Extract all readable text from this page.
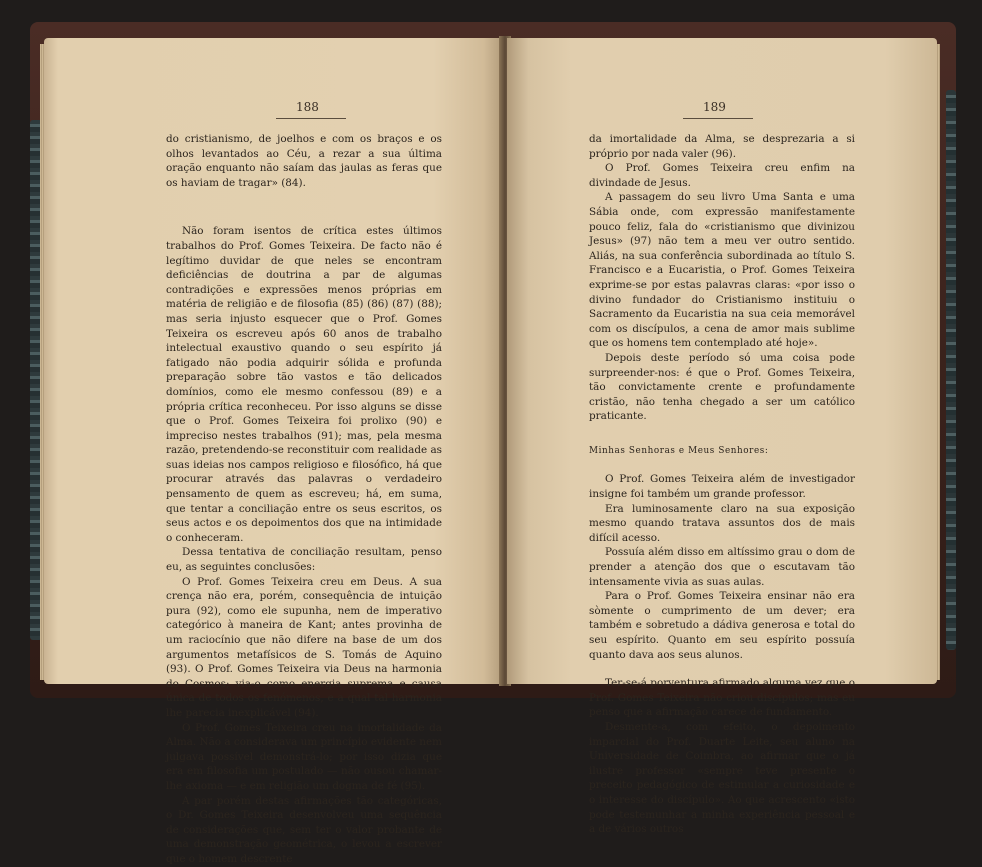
188

do cristianismo, de joelhos e com os braços e os olhos levantados ao Céu, a rezar a sua última oração enquanto não saíam das jaulas as feras que os haviam de tragar» (84).

Não foram isentos de crítica estes últimos trabalhos do Prof. Gomes Teixeira. De facto não é legítimo duvidar de que neles se encontram deficiências de doutrina a par de algumas contradições e expressões menos próprias em matéria de religião e de filosofia (85) (86) (87) (88); mas seria injusto esquecer que o Prof. Gomes Teixeira os escreveu após 60 anos de trabalho intelectual exaustivo quando o seu espírito já fatigado não podia adquirir sólida e profunda preparação sobre tão vastos e tão delicados domínios, como ele mesmo confessou (89) e a própria crítica reconheceu. Por isso alguns se disse que o Prof. Gomes Teixeira foi prolixo (90) e impreciso nestes trabalhos (91); mas, pela mesma razão, pretendendo-se reconstituir com realidade as suas ideias nos campos religioso e filosófico, há que procurar através das palavras o verdadeiro pensamento de quem as escreveu; há, em suma, que tentar a conciliação entre os seus escritos, os seus actos e os depoimentos dos que na intimidade o conheceram.

Dessa tentativa de conciliação resultam, penso eu, as seguintes conclusões:

O Prof. Gomes Teixeira creu em Deus. A sua crença não era, porém, consequência de intuição pura (92), como ele supunha, nem de imperativo categórico à maneira de Kant; antes provinha de um raciocínio que não difere na base de um dos argumentos metafísicos de S. Tomás de Aquino (93). O Prof. Gomes Teixeira via Deus na harmonia do Cosmos; via-o como energia suprema e causa única de todos os fenómenos, e a qual tal harmonia lhe parecia inexplicável (94).

O Prof. Gomes Teixeira creu na imortalidade da Alma. Não a considerava um princípio evidente nem julgava possível demonstrá-lo; por isso dizia que era em filosofia um postulado — não ousou chamar-lhe axioma — e em religião um dogma de fé (95).

A par porém destas afirmações tão categóricas, o Dr. Gomes Teixeira desenvolveu uma sequência de considerações que, sem ter o valor probante de uma demonstração geométrica, o levou a escrever que o homem descrente

189

da imortalidade da Alma, se desprezaria a si próprio por nada valer (96).

O Prof. Gomes Teixeira creu enfim na divindade de Jesus.

A passagem do seu livro Uma Santa e uma Sábia onde, com expressão manifestamente pouco feliz, fala do «cristianismo que divinizou Jesus» (97) não tem a meu ver outro sentido. Aliás, na sua conferência subordinada ao título S. Francisco e a Eucaristia, o Prof. Gomes Teixeira exprime-se por estas palavras claras: «por isso o divino fundador do Cristianismo instituiu o Sacramento da Eucaristia na sua ceia memorável com os discípulos, a cena de amor mais sublime que os homens tem contemplado até hoje».

Depois deste período só uma coisa pode surpreender-nos: é que o Prof. Gomes Teixeira, tão convictamente crente e profundamente cristão, não tenha chegado a ser um católico praticante.

Minhas Senhoras e Meus Senhores:

O Prof. Gomes Teixeira além de investigador insigne foi também um grande professor.

Era luminosamente claro na sua exposição mesmo quando tratava assuntos dos de mais difícil acesso.

Possuía além disso em altíssimo grau o dom de prender a atenção dos que o escutavam tão intensamente vivia as suas aulas.

Para o Prof. Gomes Teixeira ensinar não era sòmente o cumprimento de um dever; era também e sobretudo a dádiva generosa e total do seu espírito. Quanto em seu espírito possuía quanto dava aos seus alunos.

Ter-se-á porventura afirmado alguma vez que o Prof. Gomes Teixeira não criou discípulos; mas eu penso que a afirmação carece de fundamento.

Desmente-a, com efeito, o depoimento imparcial do Prof. Duarte Leite, seu aluno na Universidade de Coimbra, ao afirmar que o já ilustre professor «sempre teve presente o preceito pedagógico de estimular a curiosidade e o interesse do discípulo». Ao que acrescento «isto pode testemunhar a minha experiência pessoal e a de vários outros
